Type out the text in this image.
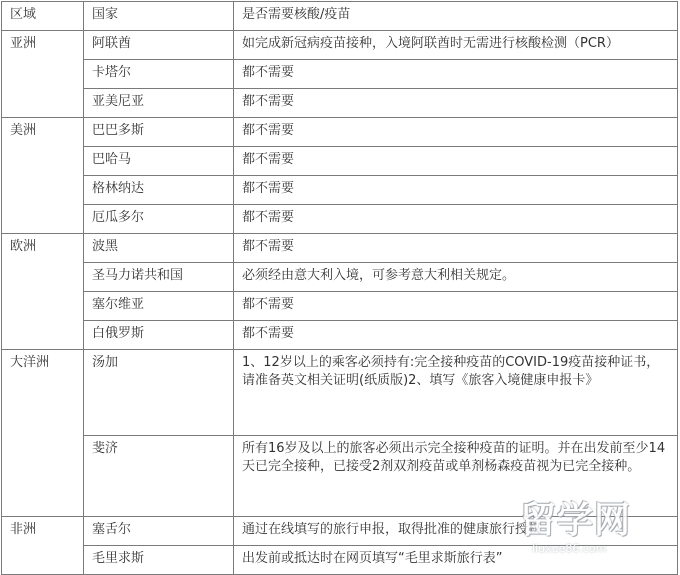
区域	国家	是否需要核酸/疫苗
亚洲	阿联酋	如完成新冠病疫苗接种，入境阿联酋时无需进行核酸检测（PCR）
	卡塔尔	都不需要
	亚美尼亚	都不需要
美洲	巴巴多斯	都不需要
	巴哈马	都不需要
	格林纳达	都不需要
	厄瓜多尔	都不需要
欧洲	波黑	都不需要
	圣马力诺共和国	必须经由意大利入境，可参考意大利相关规定。
	塞尔维亚	都不需要
	白俄罗斯	都不需要
大洋洲	汤加	1、12岁以上的乘客必须持有:完全接种疫苗的COVID-19疫苗接种证书，请准备英文相关证明(纸质版)2、填写《旅客入境健康申报卡》
	斐济	所有16岁及以上的旅客必须出示完全接种疫苗的证明。并在出发前至少14天已完全接种，已接受2剂双剂疫苗或单剂杨森疫苗视为已完全接种。
非洲	塞舌尔	通过在线填写的旅行申报，取得批准的健康旅行授权
	毛里求斯	出发前或抵达时在网页填写“毛里求斯旅行表”
留学网
liuxue86.com
